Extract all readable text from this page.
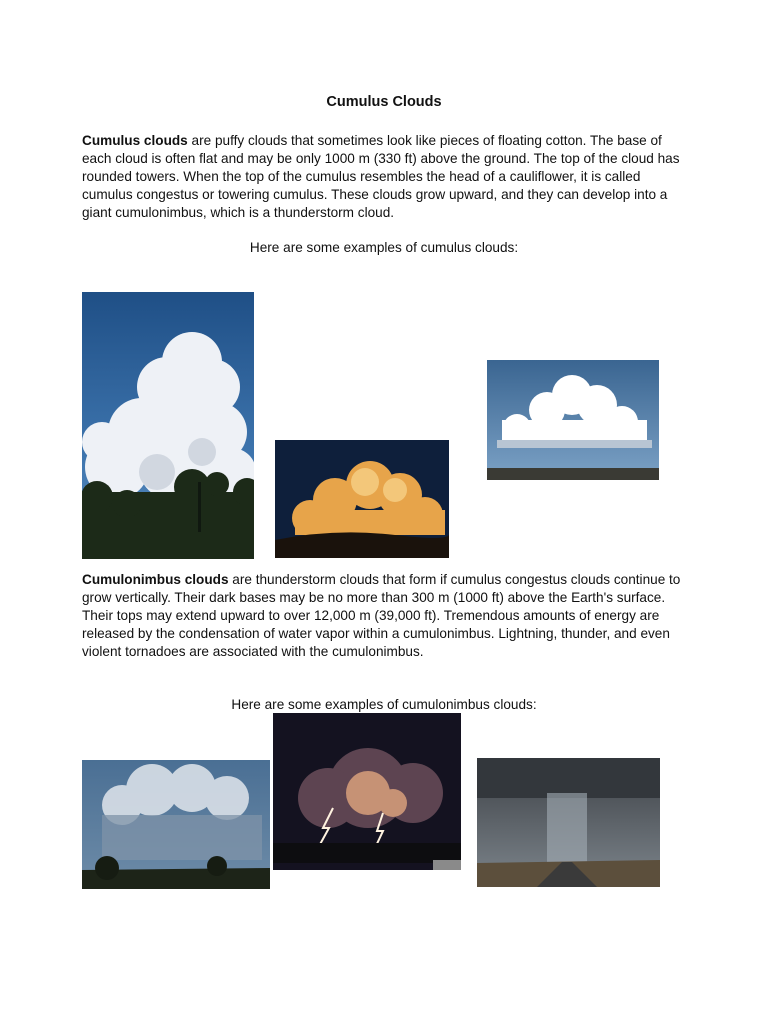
Cumulus Clouds

Cumulus clouds are puffy clouds that sometimes look like pieces of floating cotton. The base of each cloud is often flat and may be only 1000 m (330 ft) above the ground. The top of the cloud has rounded towers. When the top of the cumulus resembles the head of a cauliflower, it is called cumulus congestus or towering cumulus. These clouds grow upward, and they can develop into a giant cumulonimbus, which is a thunderstorm cloud.

Here are some examples of cumulus clouds:

Cumulonimbus clouds are thunderstorm clouds that form if cumulus congestus clouds continue to grow vertically. Their dark bases may be no more than 300 m (1000 ft) above the Earth's surface. Their tops may extend upward to over 12,000 m (39,000 ft). Tremendous amounts of energy are released by the condensation of water vapor within a cumulonimbus. Lightning, thunder, and even violent tornadoes are associated with the cumulonimbus.

Here are some examples of cumulonimbus clouds:
